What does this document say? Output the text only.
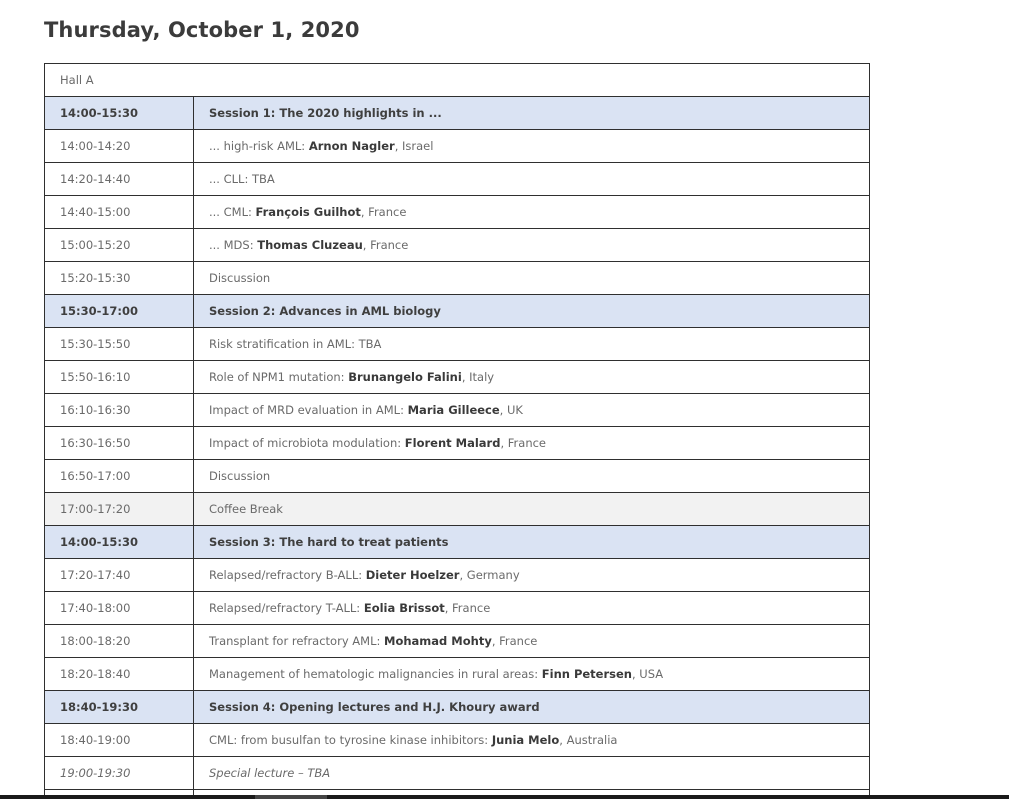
Thursday, October 1, 2020
Hall A	
14:00-15:30	Session 1: The 2020 highlights in ...
14:00-14:20	... high-risk AML: Arnon Nagler, Israel
14:20-14:40	... CLL: TBA
14:40-15:00	... CML: François Guilhot, France
15:00-15:20	... MDS: Thomas Cluzeau, France
15:20-15:30	Discussion
15:30-17:00	Session 2: Advances in AML biology
15:30-15:50	Risk stratification in AML: TBA
15:50-16:10	Role of NPM1 mutation: Brunangelo Falini, Italy
16:10-16:30	Impact of MRD evaluation in AML: Maria Gilleece, UK
16:30-16:50	Impact of microbiota modulation: Florent Malard, France
16:50-17:00	Discussion
17:00-17:20	Coffee Break
14:00-15:30	Session 3: The hard to treat patients
17:20-17:40	Relapsed/refractory B-ALL: Dieter Hoelzer, Germany
17:40-18:00	Relapsed/refractory T-ALL: Eolia Brissot, France
18:00-18:20	Transplant for refractory AML: Mohamad Mohty, France
18:20-18:40	Management of hematologic malignancies in rural areas: Finn Petersen, USA
18:40-19:30	Session 4: Opening lectures and H.J. Khoury award
18:40-19:00	CML: from busulfan to tyrosine kinase inhibitors: Junia Melo, Australia
19:00-19:30	Special lecture – TBA
